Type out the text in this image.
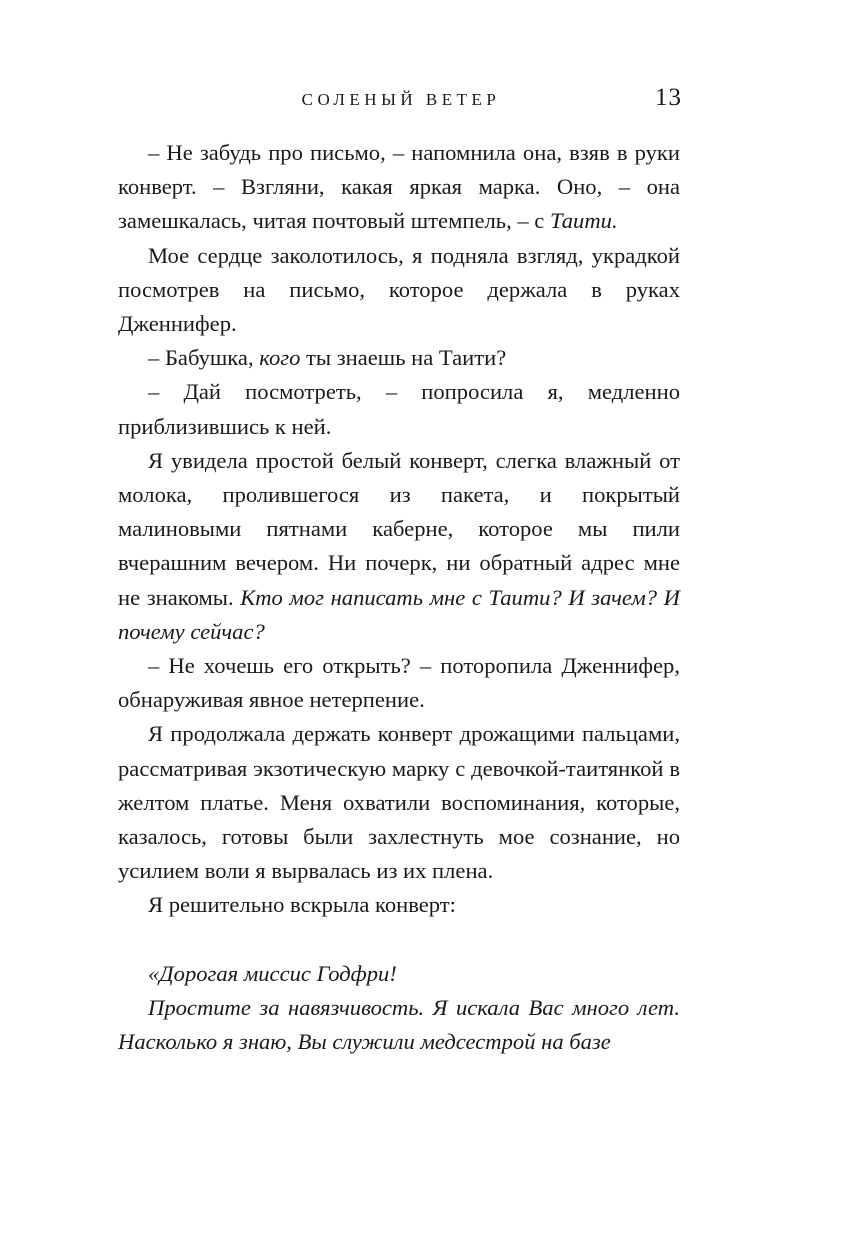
СОЛЕНЫЙ ВЕТЕР	13

– Не забудь про письмо, – напомнила она, взяв в руки конверт. – Взгляни, какая яркая марка. Оно, – она замешкалась, читая почтовый штемпель, – с Таити.

Мое сердце заколотилось, я подняла взгляд, украдкой посмотрев на письмо, которое держала в руках Дженнифер.

– Бабушка, кого ты знаешь на Таити?

– Дай посмотреть, – попросила я, медленно приблизившись к ней.

Я увидела простой белый конверт, слегка влажный от молока, пролившегося из пакета, и покрытый малиновыми пятнами каберне, которое мы пили вчерашним вечером. Ни почерк, ни обратный адрес мне не знакомы. Кто мог написать мне с Таити? И зачем? И почему сейчас?

– Не хочешь его открыть? – поторопила Дженнифер, обнаруживая явное нетерпение.

Я продолжала держать конверт дрожащими пальцами, рассматривая экзотическую марку с девочкой-таитянкой в желтом платье. Меня охватили воспоминания, которые, казалось, готовы были захлестнуть мое сознание, но усилием воли я вырвалась из их плена.

Я решительно вскрыла конверт:

«Дорогая миссис Годфри!

Простите за навязчивость. Я искала Вас много лет. Насколько я знаю, Вы служили медсестрой на базе
